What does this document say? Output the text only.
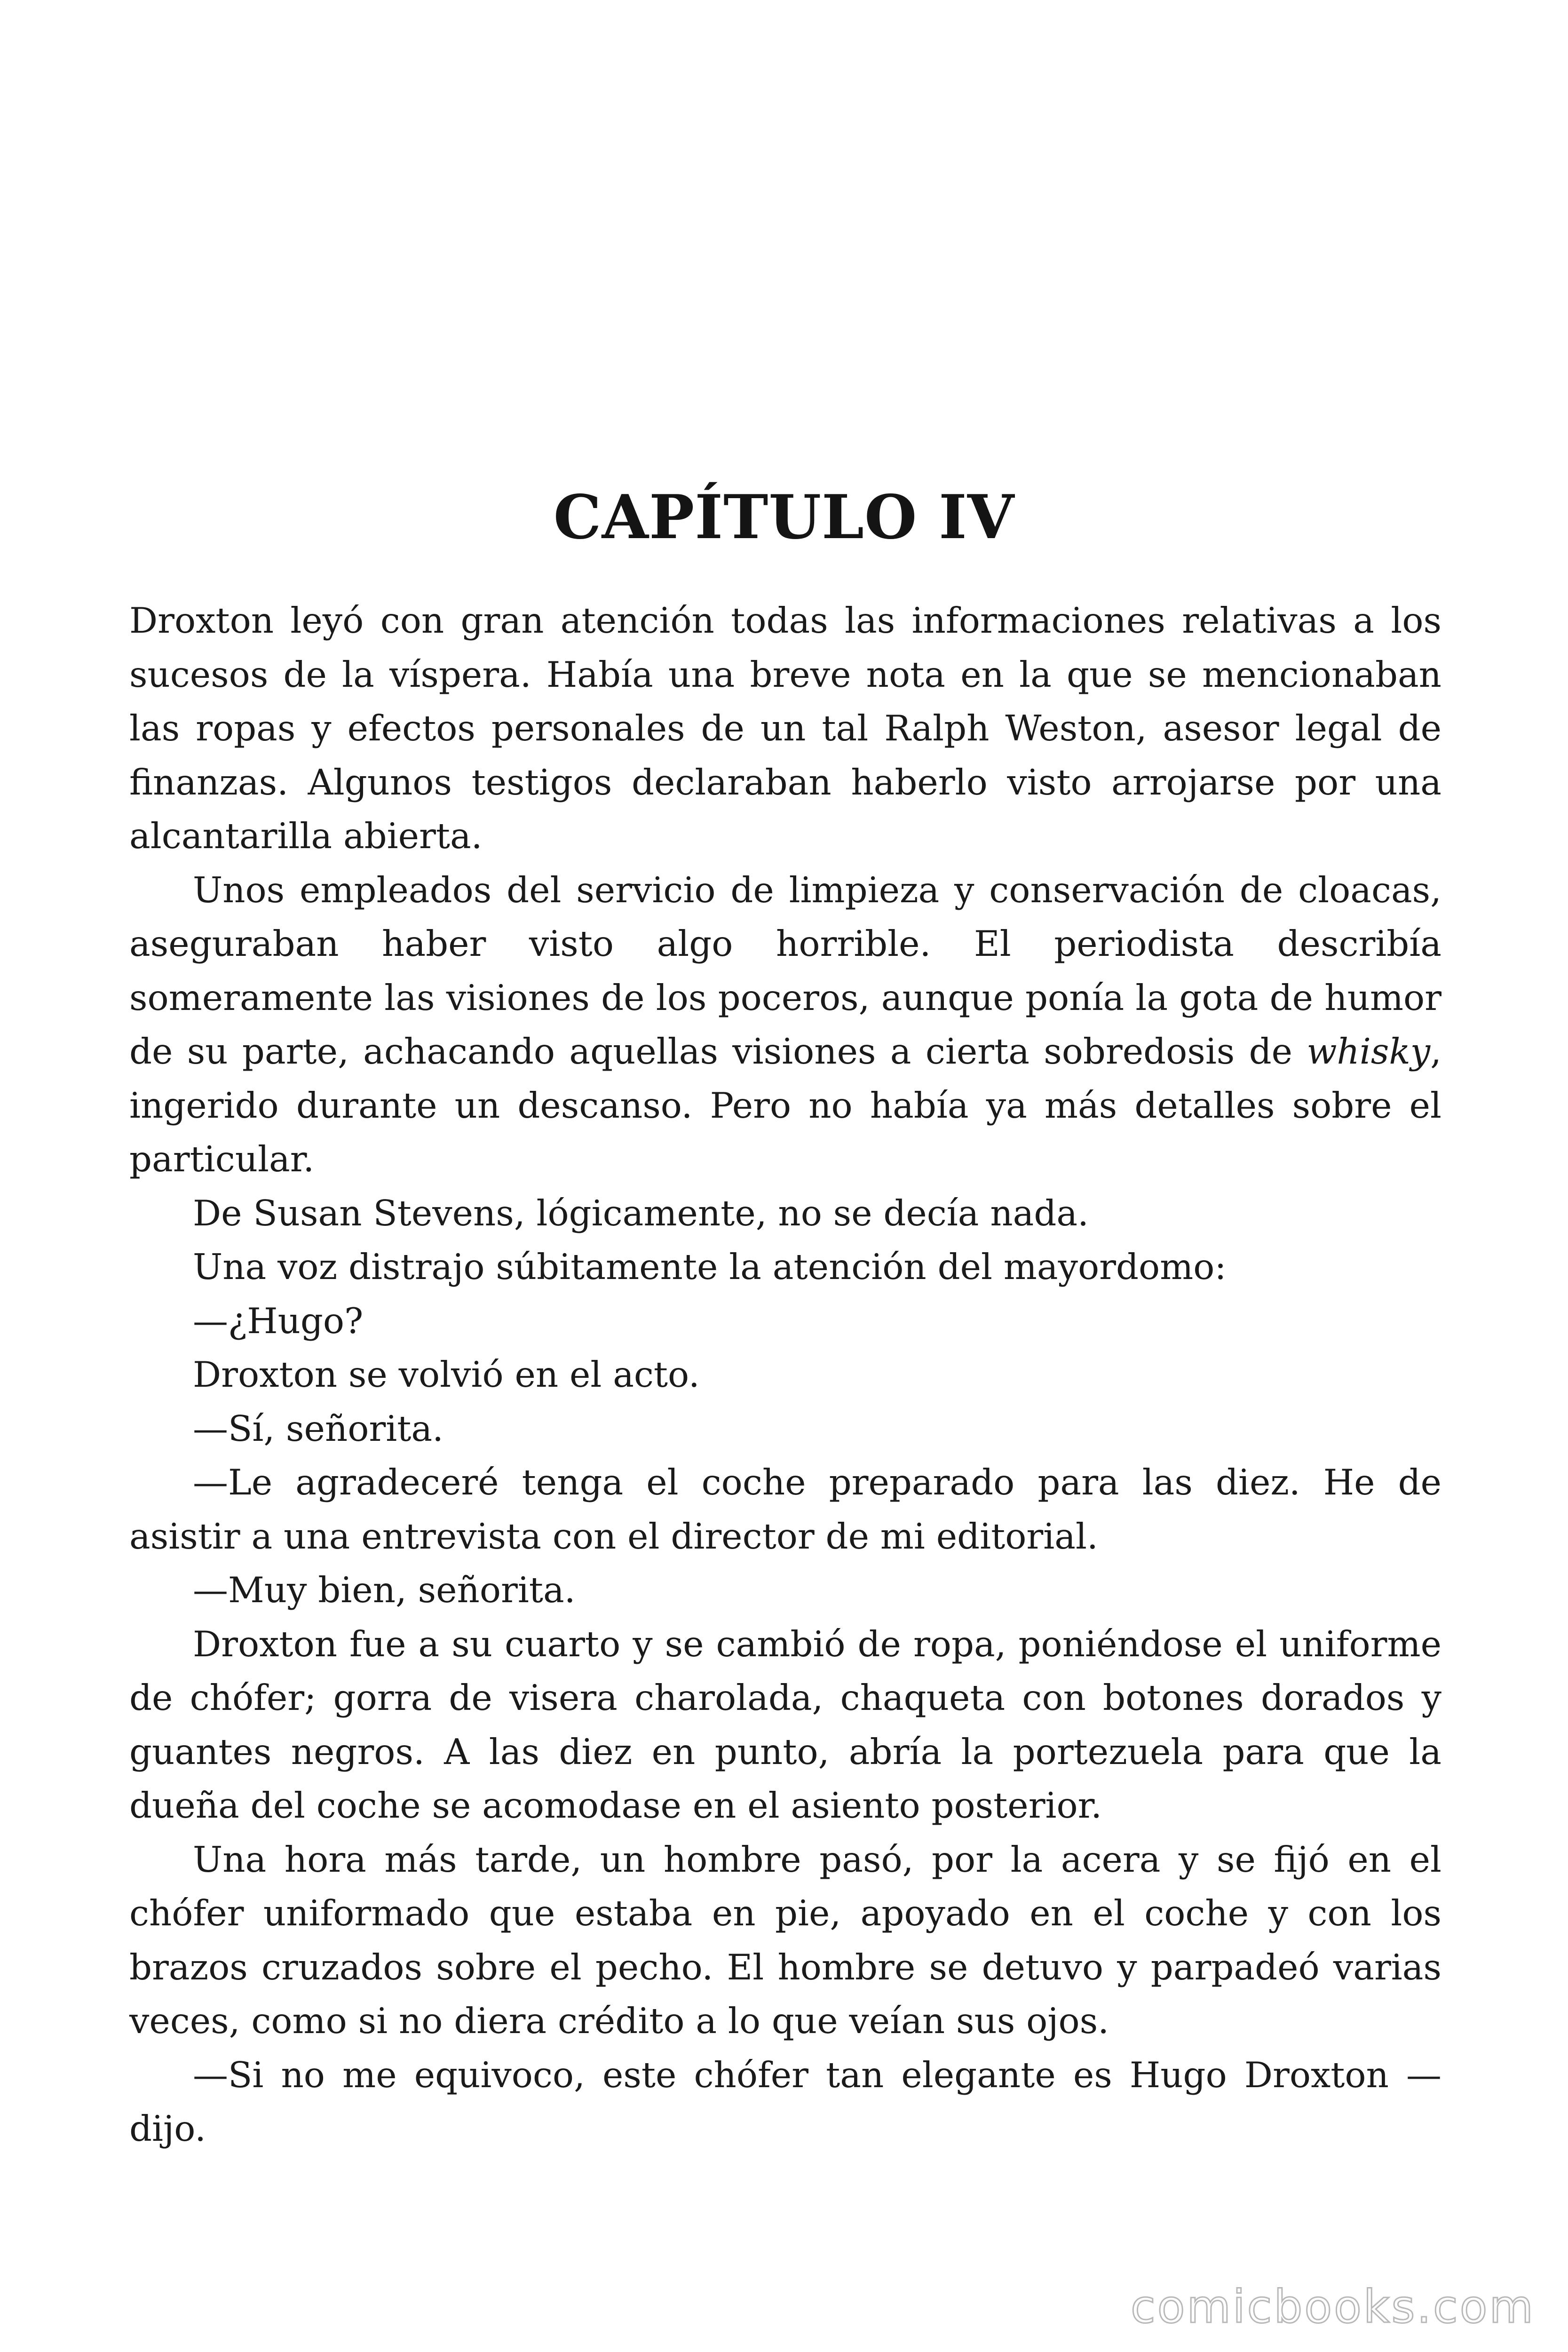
CAPÍTULO IV

Droxton leyó con gran atención todas las informaciones relativas a los sucesos de la víspera. Había una breve nota en la que se mencionaban las ropas y efectos personales de un tal Ralph Weston, asesor legal de finanzas. Algunos testigos declaraban haberlo visto arrojarse por una alcantarilla abierta.

Unos empleados del servicio de limpieza y conservación de cloacas, aseguraban haber visto algo horrible. El periodista describía someramente las visiones de los poceros, aunque ponía la gota de humor de su parte, achacando aquellas visiones a cierta sobredosis de whisky, ingerido durante un descanso. Pero no había ya más detalles sobre el particular.

De Susan Stevens, lógicamente, no se decía nada.

Una voz distrajo súbitamente la atención del mayordomo:

—¿Hugo?

Droxton se volvió en el acto.

—Sí, señorita.

—Le agradeceré tenga el coche preparado para las diez. He de asistir a una entrevista con el director de mi editorial.

—Muy bien, señorita.

Droxton fue a su cuarto y se cambió de ropa, poniéndose el uniforme de chófer; gorra de visera charolada, chaqueta con botones dorados y guantes negros. A las diez en punto, abría la portezuela para que la dueña del coche se acomodase en el asiento posterior.

Una hora más tarde, un hombre pasó, por la acera y se fijó en el chófer uniformado que estaba en pie, apoyado en el coche y con los brazos cruzados sobre el pecho. El hombre se detuvo y parpadeó varias veces, como si no diera crédito a lo que veían sus ojos.

—Si no me equivoco, este chófer tan elegante es Hugo Droxton —dijo.

comicbooks.com
